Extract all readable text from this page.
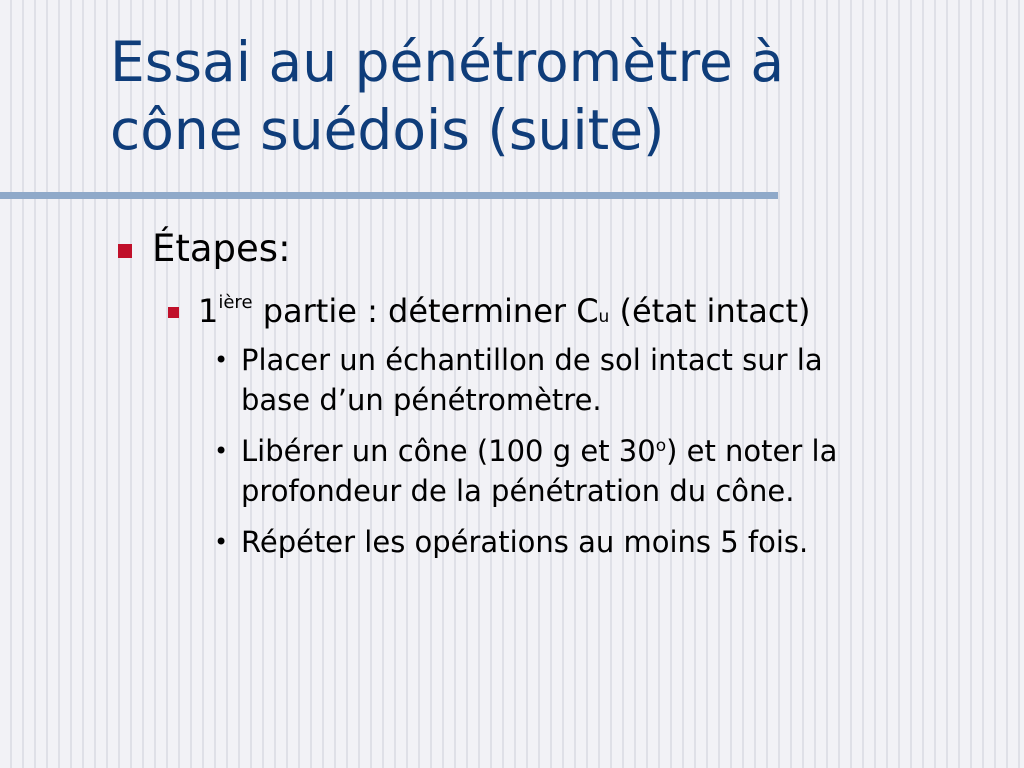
Essai au pénétromètre à
cône suédois (suite)
Étapes:
$1^{ière}$ partie : déterminer Cu (état intact)
• Placer un échantillon de sol intact sur la
base d’un pénétromètre.
• Libérer un cône (100 g et 30$^o$) et noter la
profondeur de la pénétration du cône.
• Répéter les opérations au moins 5 fois.
